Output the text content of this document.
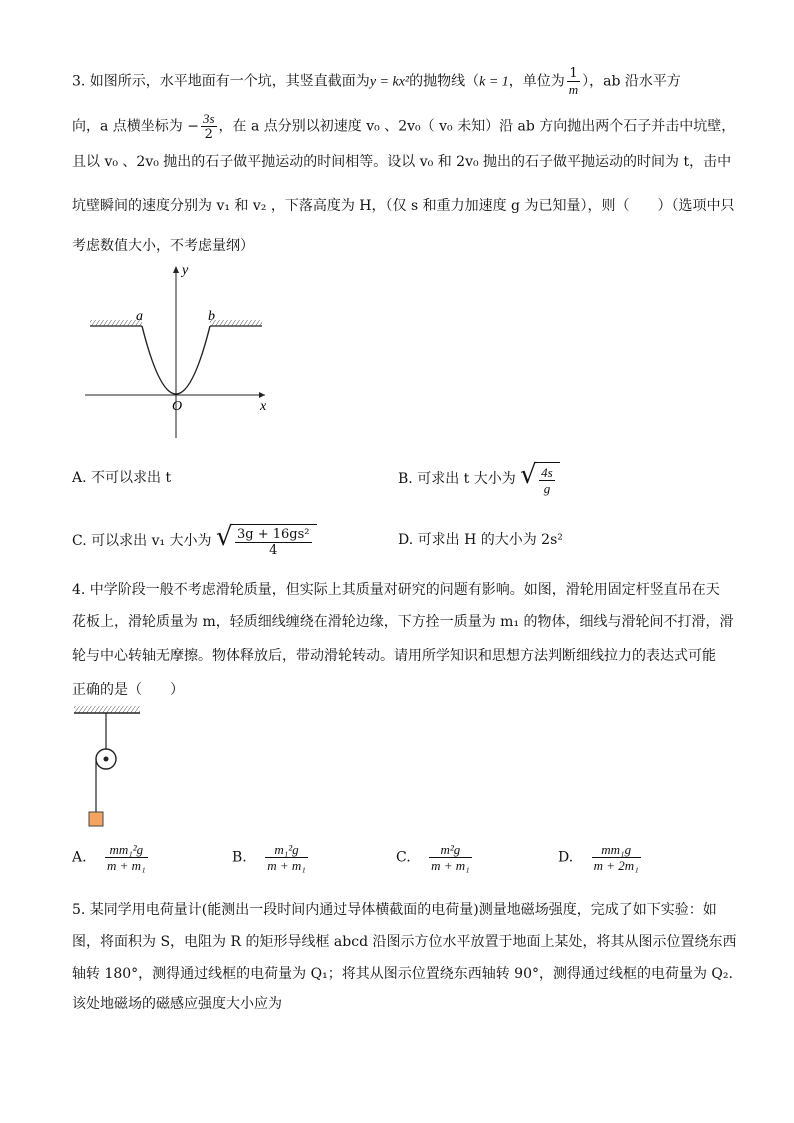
3. 如图所示，水平地面有一个坑，其竖直截面为y = kx²的抛物线（k = 1，单位为 $\frac{1}{m}$ ），ab 沿水平方
向，a 点横坐标为 − $\frac{3s}{2}$ ，在 a 点分别以初速度 v₀ 、2v₀（ v₀ 未知）沿 ab 方向抛出两个石子并击中坑壁，
且以 v₀ 、2v₀ 抛出的石子做平抛运动的时间相等。设以 v₀ 和 2v₀ 抛出的石子做平抛运动的时间为 t，击中
坑壁瞬间的速度分别为 v₁ 和 v₂ ，下落高度为 H，（仅 s 和重力加速度 g 为已知量），则（　　）（选项中只
考虑数值大小，不考虑量纲）
y
x
O
a	b
A. 不可以求出 t	B. 可求出 t 大小为 √ $\frac{4s}{g}$
C. 可以求出 v₁ 大小为 √ $\frac{\text{3g + 16gs²}}{4}$	D. 可求出 H 的大小为 2s²
4. 中学阶段一般不考虑滑轮质量，但实际上其质量对研究的问题有影响。如图，滑轮用固定杆竖直吊在天
花板上，滑轮质量为 m，轻质细线缠绕在滑轮边缘，下方拴一质量为 m₁ 的物体，细线与滑轮间不打滑，滑
轮与中心转轴无摩擦。物体释放后，带动滑轮转动。请用所学知识和思想方法判断细线拉力的表达式可能
正确的是（　　）
A. $\frac{\text{mm₁²g}}{\text{m + m₁}}$	B. $\frac{\text{m₁²g}}{\text{m + m₁}}$	C. $\frac{\text{m²g}}{\text{m + m₁}}$	D. $\frac{\text{mm₁g}}{\text{m + 2m₁}}$
5. 某同学用电荷量计(能测出一段时间内通过导体横截面的电荷量)测量地磁场强度，完成了如下实验：如
图，将面积为 S，电阻为 R 的矩形导线框 abcd 沿图示方位水平放置于地面上某处，将其从图示位置绕东西
轴转 180°，测得通过线框的电荷量为 Q₁；将其从图示位置绕东西轴转 90°，测得通过线框的电荷量为 Q₂.
该处地磁场的磁感应强度大小应为
